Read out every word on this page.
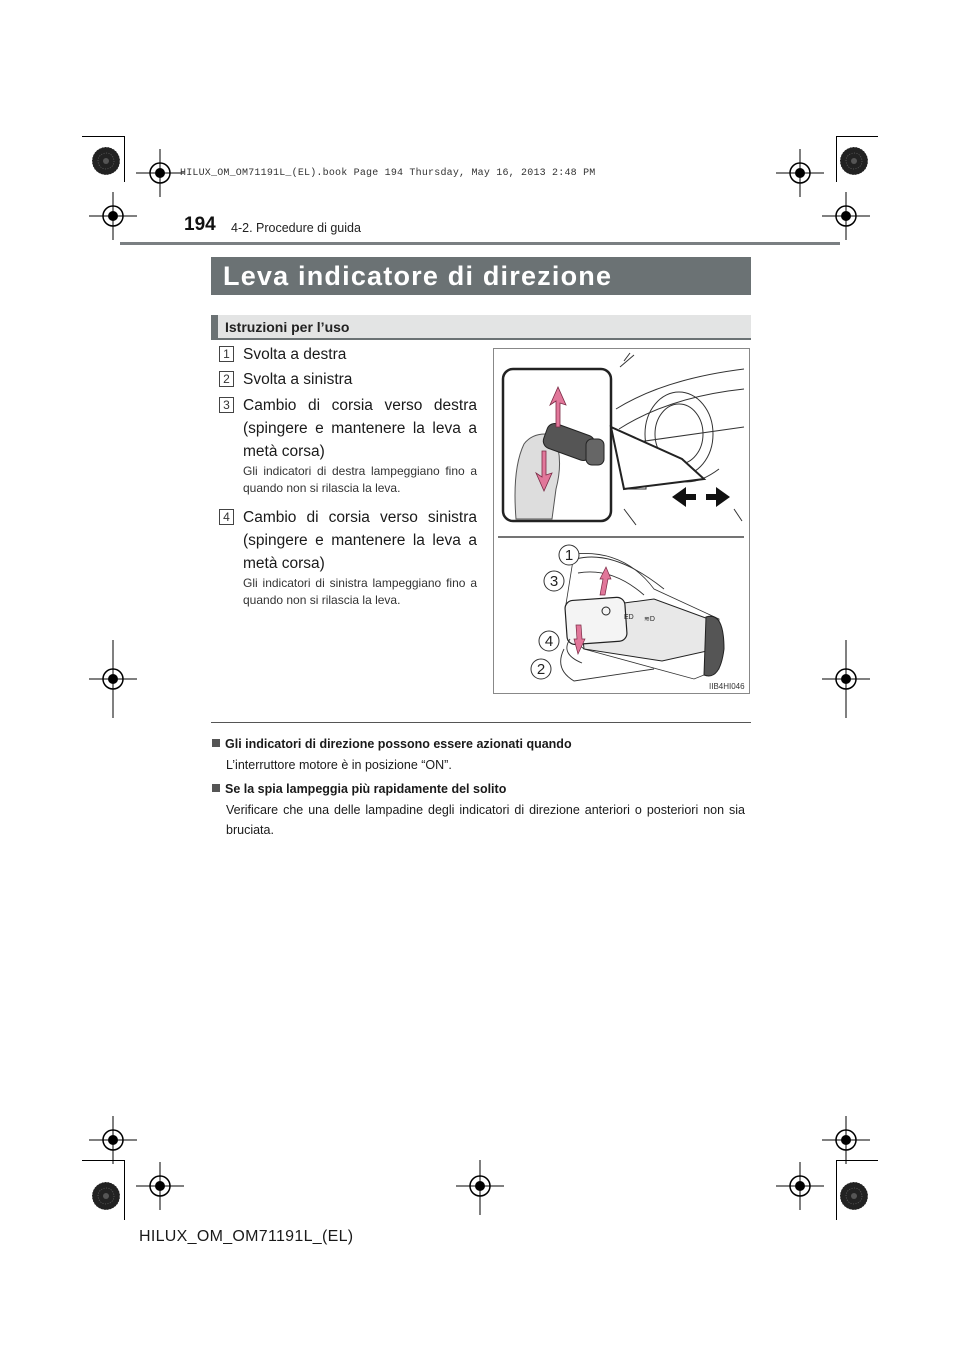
HILUX_OM_OM71191L_(EL).book Page 194 Thursday, May 16, 2013 2:48 PM
194 4-2. Procedure di guida
Leva indicatore di direzione
Istruzioni per l’uso
1 Svolta a destra
2 Svolta a sinistra
3 Cambio di corsia verso destra (spingere e mantenere la leva a metà corsa)
Gli indicatori di destra lampeggiano fino a quando non si rilascia la leva.
4 Cambio di corsia verso sinistra (spingere e mantenere la leva a metà corsa)
Gli indicatori di sinistra lampeggiano fino a quando non si rilascia la leva.
ED ≋D
1
3
4
2
IIB4HI046
Gli indicatori di direzione possono essere azionati quando
L’interruttore motore è in posizione “ON”.
Se la spia lampeggia più rapidamente del solito
Verificare che una delle lampadine degli indicatori di direzione anteriori o posteriori non sia bruciata.
HILUX_OM_OM71191L_(EL)
